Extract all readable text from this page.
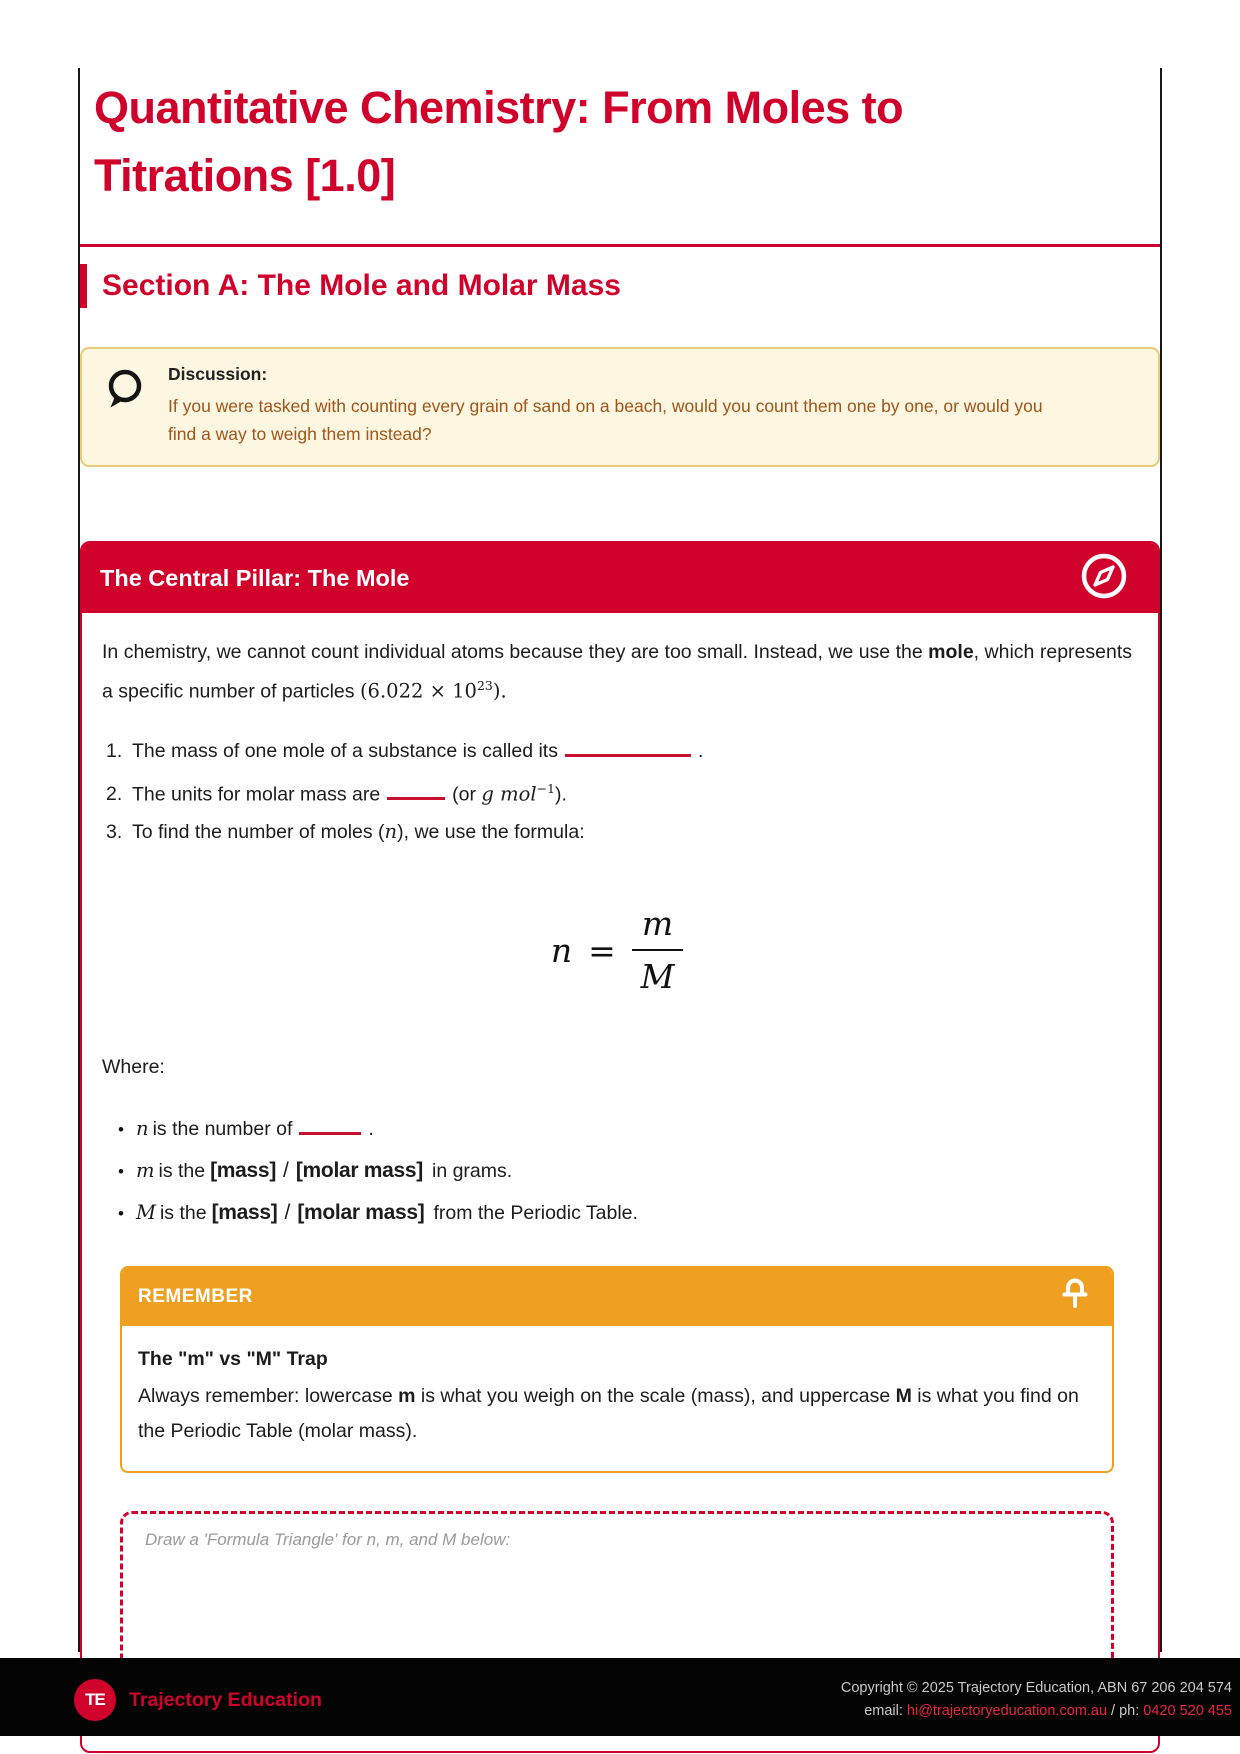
Quantitative Chemistry: From Moles to Titrations [1.0]
Section A: The Mole and Molar Mass
Discussion:
If you were tasked with counting every grain of sand on a beach, would you count them one by one, or would you find a way to weigh them instead?
The Central Pillar: The Mole

In chemistry, we cannot count individual atoms because they are too small. Instead, we use the mole, which represents a specific number of particles $(6.022 \times 10^{23})$.

1. The mass of one mole of a substance is called its	.
2. The units for molar mass are	(or g mol$^{-1}$).
3. To find the number of moles (n), we use the formula:
$n = \frac{m}{M}$

Where:

• n is the number of	.
• m is the [mass] / [molar mass] in grams.
• M is the [mass] / [molar mass] from the Periodic Table.
REMEMBER
The "m" vs "M" Trap
Always remember: lowercase m is what you weigh on the scale (mass), and uppercase M is what you find on the Periodic Table (molar mass).
Draw a 'Formula Triangle' for n, m, and M below:
TE	Trajectory Education
Copyright © 2025 Trajectory Education, ABN 67 206 204 574
email: hi@trajectoryeducation.com.au / ph: 0420 520 455
